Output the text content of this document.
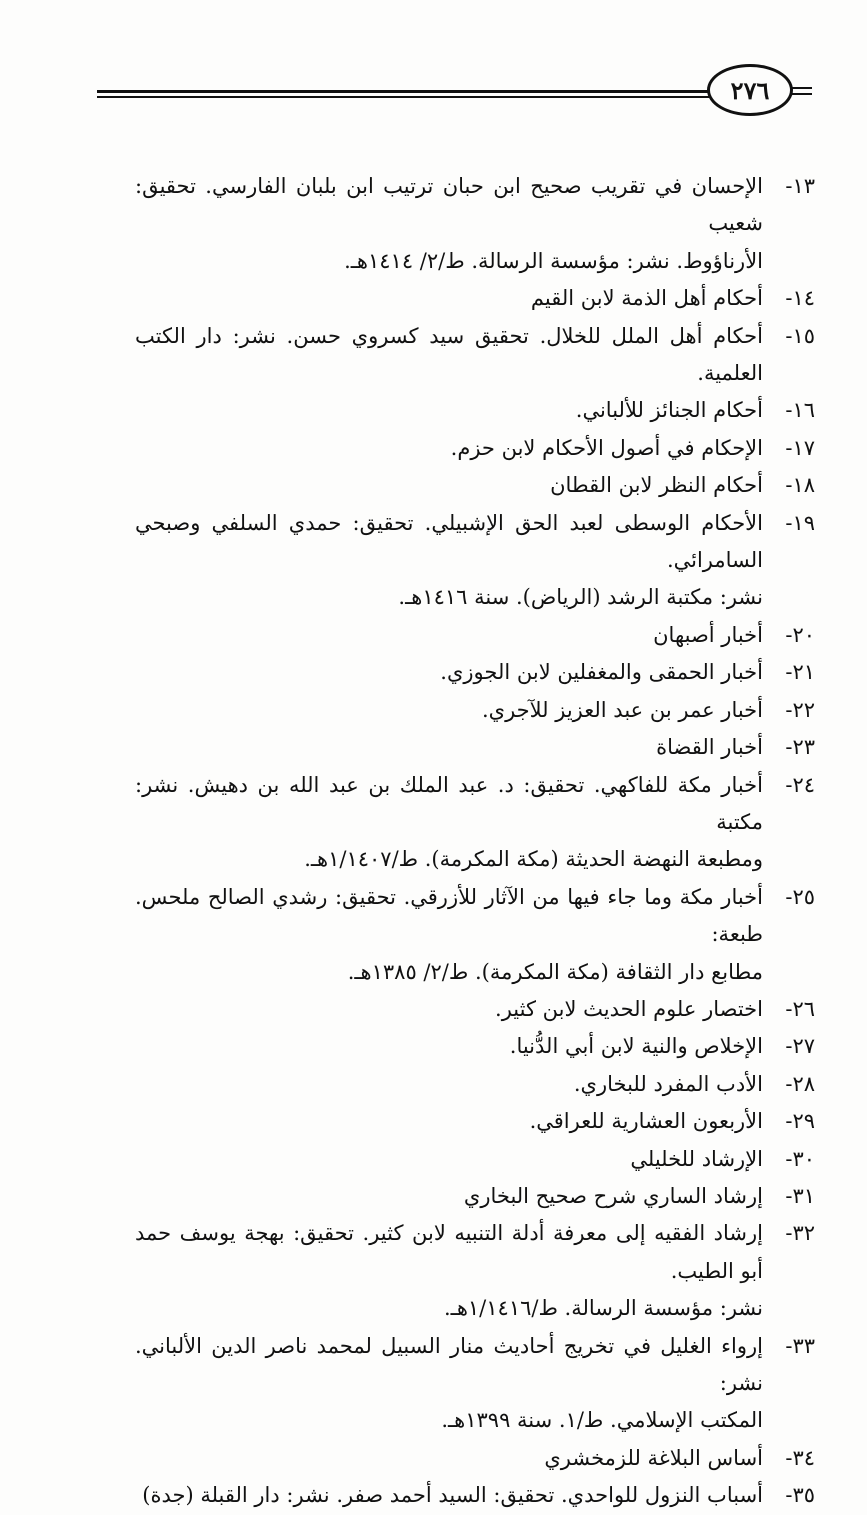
٢٧٦
١٣-
الإحسان في تقريب صحيح ابن حبان ترتيب ابن بلبان الفارسي. تحقيق: شعيب
الأرناؤوط. نشر: مؤسسة الرسالة. ط/٢/ ١٤١٤هـ.
١٤-
أحكام أهل الذمة لابن القيم
١٥-
أحكام أهل الملل للخلال. تحقيق سيد كسروي حسن. نشر: دار الكتب العلمية.
١٦-
أحكام الجنائز للألباني.
١٧-
الإحكام في أصول الأحكام لابن حزم.
١٨-
أحكام النظر لابن القطان
١٩-
الأحكام الوسطى لعبد الحق الإشبيلي. تحقيق: حمدي السلفي وصبحي السامرائي.
نشر: مكتبة الرشد (الرياض). سنة ١٤١٦هـ.
٢٠-
أخبار أصبهان
٢١-
أخبار الحمقى والمغفلين لابن الجوزي.
٢٢-
أخبار عمر بن عبد العزيز للآجري.
٢٣-
أخبار القضاة
٢٤-
أخبار مكة للفاكهي. تحقيق: د. عبد الملك بن عبد الله بن دهيش. نشر: مكتبة
ومطبعة النهضة الحديثة (مكة المكرمة). ط/١/١٤٠٧هـ.
٢٥-
أخبار مكة وما جاء فيها من الآثار للأزرقي. تحقيق: رشدي الصالح ملحس. طبعة:
مطابع دار الثقافة (مكة المكرمة). ط/٢/ ١٣٨٥هـ.
٢٦-
اختصار علوم الحديث لابن كثير.
٢٧-
الإخلاص والنية لابن أبي الدُّنيا.
٢٨-
الأدب المفرد للبخاري.
٢٩-
الأربعون العشارية للعراقي.
٣٠-
الإرشاد للخليلي
٣١-
إرشاد الساري شرح صحيح البخاري
٣٢-
إرشاد الفقيه إلى معرفة أدلة التنبيه لابن كثير. تحقيق: بهجة يوسف حمد أبو الطيب.
نشر: مؤسسة الرسالة. ط/١/١٤١٦هـ.
٣٣-
إرواء الغليل في تخريج أحاديث منار السبيل لمحمد ناصر الدين الألباني. نشر:
المكتب الإسلامي. ط/١. سنة ١٣٩٩هـ.
٣٤-
أساس البلاغة للزمخشري
٣٥-
أسباب النزول للواحدي. تحقيق: السيد أحمد صفر. نشر: دار القبلة (جدة)
